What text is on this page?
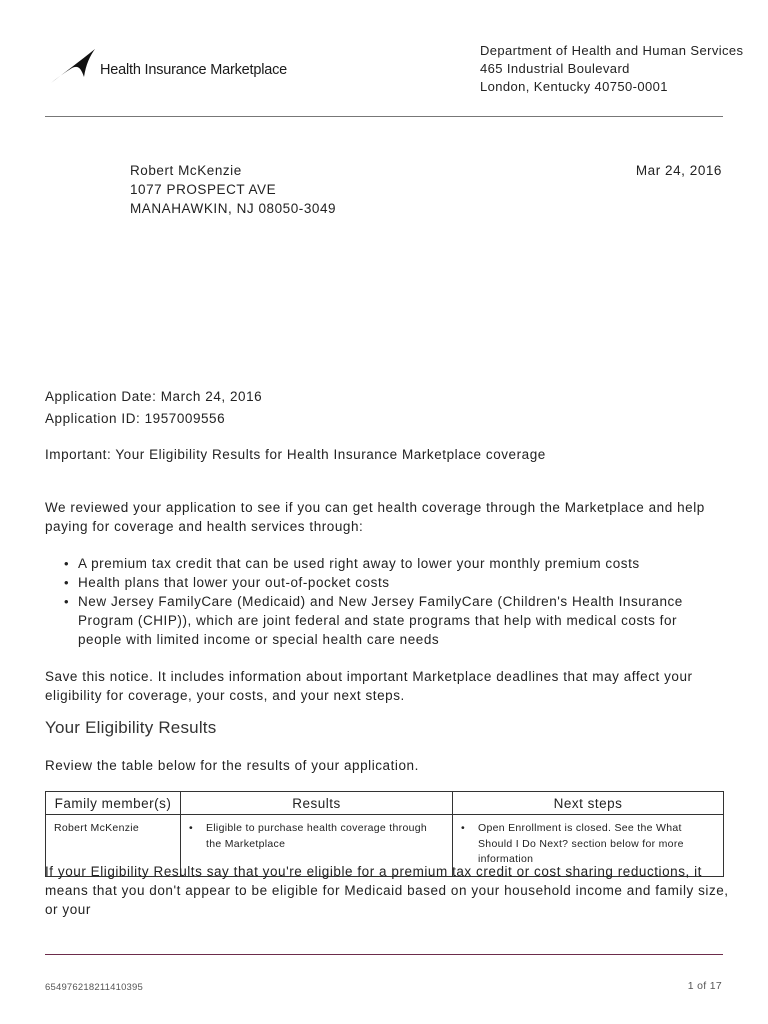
Health Insurance Marketplace
Department of Health and Human Services
465 Industrial Boulevard
London, Kentucky 40750-0001
Robert McKenzie
1077 PROSPECT AVE
MANAHAWKIN, NJ 08050-3049
Mar 24, 2016
Application Date: March 24, 2016
Application ID: 1957009556
Important: Your Eligibility Results for Health Insurance Marketplace coverage
We reviewed your application to see if you can get health coverage through the Marketplace and help paying for coverage and health services through:
• A premium tax credit that can be used right away to lower your monthly premium costs
• Health plans that lower your out-of-pocket costs
• New Jersey FamilyCare (Medicaid) and New Jersey FamilyCare (Children's Health Insurance Program (CHIP)), which are joint federal and state programs that help with medical costs for people with limited income or special health care needs
Save this notice. It includes information about important Marketplace deadlines that may affect your eligibility for coverage, your costs, and your next steps.
Your Eligibility Results
Review the table below for the results of your application.
Family member(s)	Results	Next steps
Robert McKenzie	• Eligible to purchase health coverage through the Marketplace	• Open Enrollment is closed. See the What Should I Do Next? section below for more information
If your Eligibility Results say that you're eligible for a premium tax credit or cost sharing reductions, it means that you don't appear to be eligible for Medicaid based on your household income and family size, or your
654976218211410395	1 of 17
